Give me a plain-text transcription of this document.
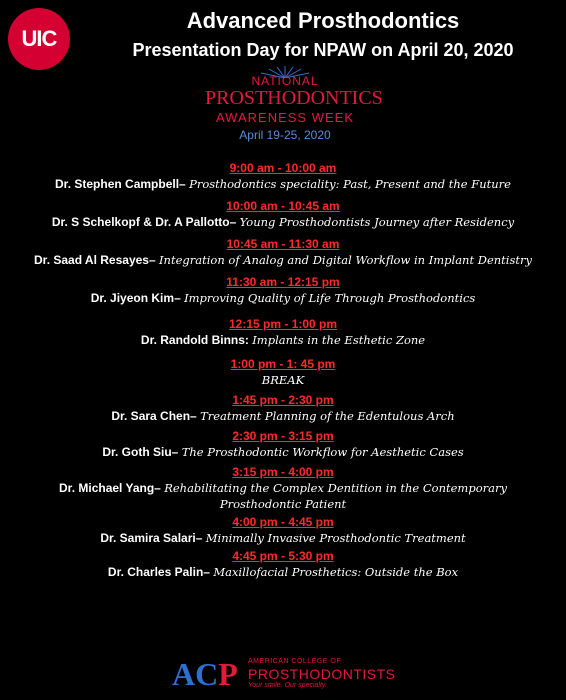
UIC
Advanced Prosthodontics
Presentation Day for NPAW on April 20, 2020
NATIONAL
PROSTHODONTICS
AWARENESS WEEK
April 19-25, 2020
9:00 am - 10:00 am
Dr. Stephen Campbell– Prosthodontics speciality: Past, Present and the Future
10:00 am - 10:45 am
Dr. S Schelkopf & Dr. A Pallotto– Young Prosthodontists Journey after Residency
10:45 am - 11:30 am
Dr. Saad Al Resayes– Integration of Analog and Digital Workflow in Implant Dentistry
11:30 am - 12:15 pm
Dr. Jiyeon Kim– Improving Quality of Life Through Prosthodontics
12:15 pm - 1:00 pm
Dr. Randold Binns: Implants in the Esthetic Zone
1:00 pm - 1: 45 pm
BREAK
1:45 pm - 2:30 pm
Dr. Sara Chen– Treatment Planning of the Edentulous Arch
2:30 pm - 3:15 pm
Dr. Goth Siu– The Prosthodontic Workflow for Aesthetic Cases
3:15 pm - 4:00 pm
Dr. Michael Yang– Rehabilitating the Complex Dentition in the Contemporary Prosthodontic Patient
4:00 pm - 4:45 pm
Dr. Samira Salari– Minimally Invasive Prosthodontic Treatment
4:45 pm - 5:30 pm
Dr. Charles Palin– Maxillofacial Prosthetics: Outside the Box
ACP AMERICAN COLLEGE OF
PROSTHODONTISTS
Your smile. Our specialty.
